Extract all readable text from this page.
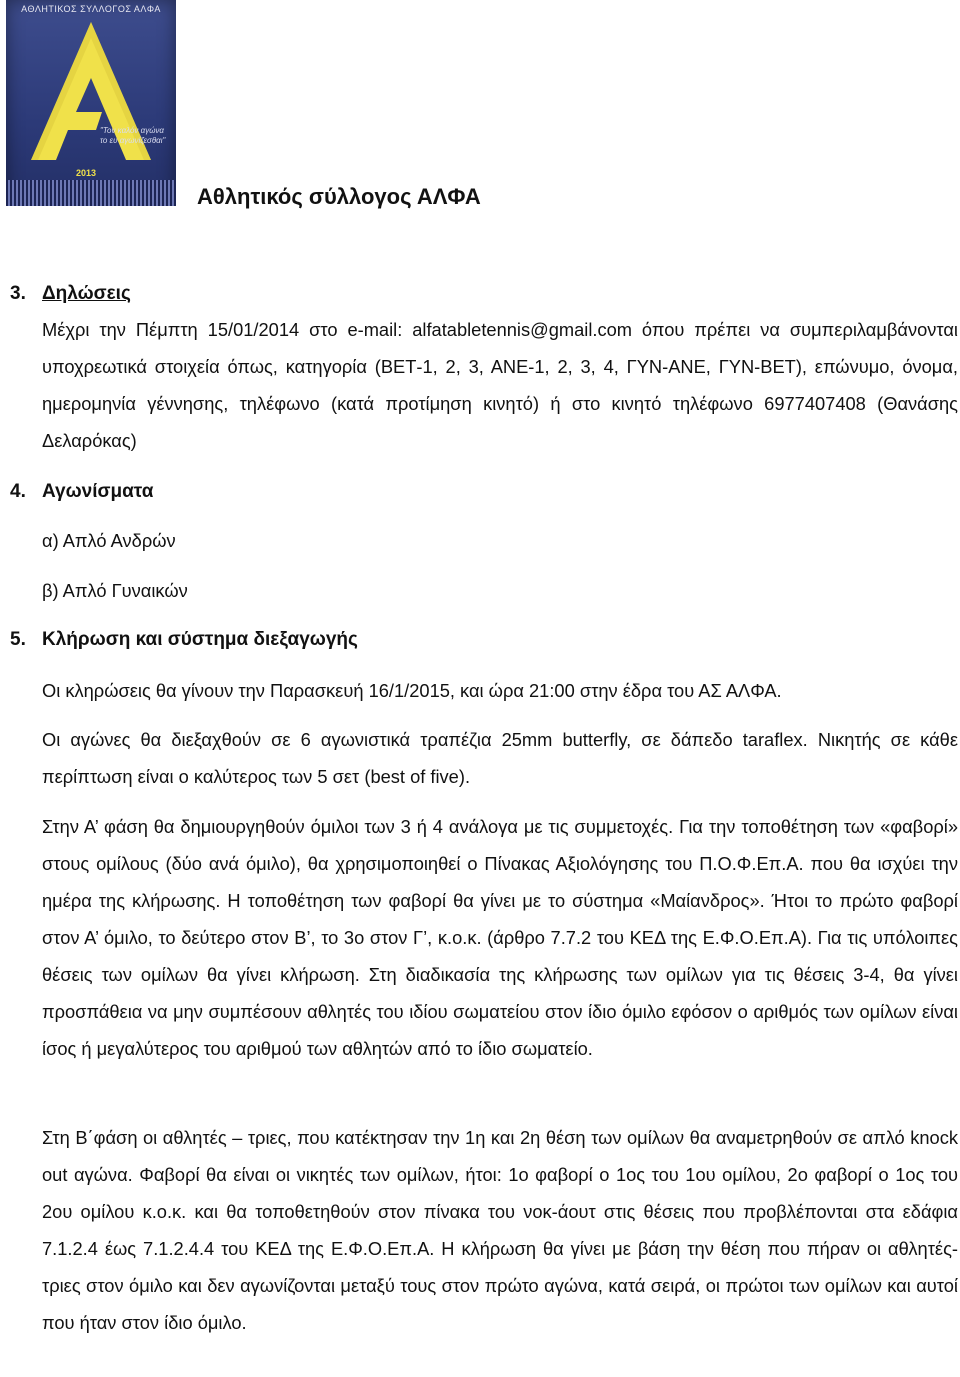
ΑΘΛΗΤΙΚΟΣ ΣΥΛΛΟΓΟΣ ΑΛΦΑ
"Τον καλόν αγώνα το ευ αγωνίζεσθαι"
2013
Αθλητικός σύλλογος ΑΛΦΑ
3. Δηλώσεις

Μέχρι την Πέμπτη 15/01/2014 στο e-mail: alfatabletennis@gmail.com όπου πρέπει να συμπεριλαμβάνονται υποχρεωτικά στοιχεία όπως, κατηγορία (ΒΕΤ-1, 2, 3, ΑΝΕ-1, 2, 3, 4, ΓΥΝ-ΑΝΕ, ΓΥΝ-ΒΕΤ), επώνυμο, όνομα, ημερομηνία γέννησης, τηλέφωνο (κατά προτίμηση κινητό) ή στο κινητό τηλέφωνο 6977407408 (Θανάσης Δελαρόκας)

4. Αγωνίσματα

α) Απλό Ανδρών

β) Απλό Γυναικών

5. Κλήρωση και σύστημα διεξαγωγής

Οι κληρώσεις θα γίνουν την Παρασκευή 16/1/2015, και ώρα 21:00 στην έδρα του ΑΣ ΑΛΦΑ.

Οι αγώνες θα διεξαχθούν σε 6 αγωνιστικά τραπέζια 25mm butterfly, σε δάπεδο taraflex. Νικητής σε κάθε περίπτωση είναι ο καλύτερος των 5 σετ (best of five).

Στην Α’ φάση θα δημιουργηθούν όμιλοι των 3 ή 4 ανάλογα με τις συμμετοχές. Για την τοποθέτηση των «φαβορί» στους ομίλους (δύο ανά όμιλο), θα χρησιμοποιηθεί ο Πίνακας Αξιολόγησης του Π.Ο.Φ.Επ.Α. που θα ισχύει την ημέρα της κλήρωσης. Η τοποθέτηση των φαβορί θα γίνει με το σύστημα «Μαίανδρος». Ήτοι το πρώτο φαβορί στον Α’ όμιλο, το δεύτερο στον Β’, το 3ο στον Γ’, κ.ο.κ. (άρθρο 7.7.2 του ΚΕΔ της Ε.Φ.Ο.Επ.Α). Για τις υπόλοιπες θέσεις των ομίλων θα γίνει κλήρωση. Στη διαδικασία της κλήρωσης των ομίλων για τις θέσεις 3-4, θα γίνει προσπάθεια να μην συμπέσουν αθλητές του ιδίου σωματείου στον ίδιο όμιλο εφόσον ο αριθμός των ομίλων είναι ίσος ή μεγαλύτερος του αριθμού των αθλητών από το ίδιο σωματείο.

Στη Β΄φάση οι αθλητές – τριες, που κατέκτησαν την 1η και 2η θέση των ομίλων θα αναμετρηθούν σε απλό knock out αγώνα. Φαβορί θα είναι οι νικητές των ομίλων, ήτοι: 1ο φαβορί ο 1ος του 1ου ομίλου, 2ο φαβορί ο 1ος του 2ου ομίλου κ.ο.κ. και θα τοποθετηθούν στον πίνακα του νοκ-άουτ στις θέσεις που προβλέπονται στα εδάφια 7.1.2.4 έως 7.1.2.4.4 του ΚΕΔ της Ε.Φ.Ο.Επ.Α. Η κλήρωση θα γίνει με βάση την θέση που πήραν οι αθλητές-τριες στον όμιλο και δεν αγωνίζονται μεταξύ τους στον πρώτο αγώνα, κατά σειρά, οι πρώτοι των ομίλων και αυτοί που ήταν στον ίδιο όμιλο.
